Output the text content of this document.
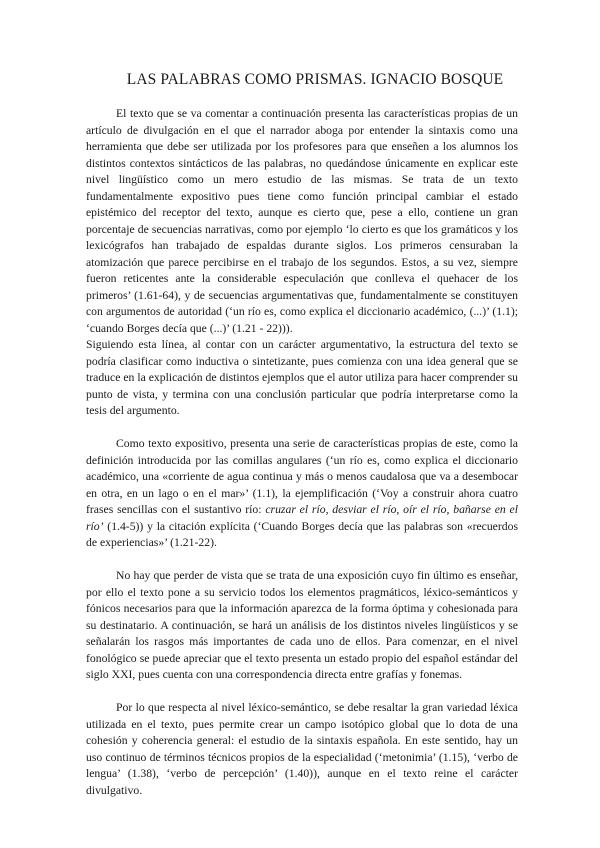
LAS PALABRAS COMO PRISMAS. IGNACIO BOSQUE

El texto que se va comentar a continuación presenta las características propias de un artículo de divulgación en el que el narrador aboga por entender la sintaxis como una herramienta que debe ser utilizada por los profesores para que enseñen a los alumnos los distintos contextos sintácticos de las palabras, no quedándose únicamente en explicar este nivel lingüístico como un mero estudio de las mismas. Se trata de un texto fundamentalmente expositivo pues tiene como función principal cambiar el estado epistémico del receptor del texto, aunque es cierto que, pese a ello, contiene un gran porcentaje de secuencias narrativas, como por ejemplo ‘lo cierto es que los gramáticos y los lexicógrafos han trabajado de espaldas durante siglos. Los primeros censuraban la atomización que parece percibirse en el trabajo de los segundos. Estos, a su vez, siempre fueron reticentes ante la considerable especulación que conlleva el quehacer de los primeros’ (1.61-64), y de secuencias argumentativas que, fundamentalmente se constituyen con argumentos de autoridad (‘un río es, como explica el diccionario académico, (...)’ (1.1); ‘cuando Borges decía que (...)’ (1.21 - 22))).

Siguiendo esta línea, al contar con un carácter argumentativo, la estructura del texto se podría clasificar como inductiva o sintetizante, pues comienza con una idea general que se traduce en la explicación de distintos ejemplos que el autor utiliza para hacer comprender su punto de vista, y termina con una conclusión particular que podría interpretarse como la tesis del argumento.

Como texto expositivo, presenta una serie de características propias de este, como la definición introducida por las comillas angulares (‘un río es, como explica el diccionario académico, una «corriente de agua continua y más o menos caudalosa que va a desembocar en otra, en un lago o en el mar»’ (1.1), la ejemplificación (‘Voy a construir ahora cuatro frases sencillas con el sustantivo río: cruzar el río, desviar el río, oír el río, bañarse en el río’ (1.4-5)) y la citación explícita (‘Cuando Borges decía que las palabras son «recuerdos de experiencias»’ (1.21-22).

No hay que perder de vista que se trata de una exposición cuyo fin último es enseñar, por ello el texto pone a su servicio todos los elementos pragmáticos, léxico-semánticos y fónicos necesarios para que la información aparezca de la forma óptima y cohesionada para su destinatario. A continuación, se hará un análisis de los distintos niveles lingüísticos y se señalarán los rasgos más importantes de cada uno de ellos. Para comenzar, en el nivel fonológico se puede apreciar que el texto presenta un estado propio del español estándar del siglo XXI, pues cuenta con una correspondencia directa entre grafías y fonemas.

Por lo que respecta al nivel léxico-semántico, se debe resaltar la gran variedad léxica utilizada en el texto, pues permite crear un campo isotópico global que lo dota de una cohesión y coherencia general: el estudio de la sintaxis española. En este sentido, hay un uso continuo de términos técnicos propios de la especialidad (‘metonimia’ (1.15), ‘verbo de lengua’ (1.38), ‘verbo de percepción’ (1.40)), aunque en el texto reine el carácter divulgativo.
